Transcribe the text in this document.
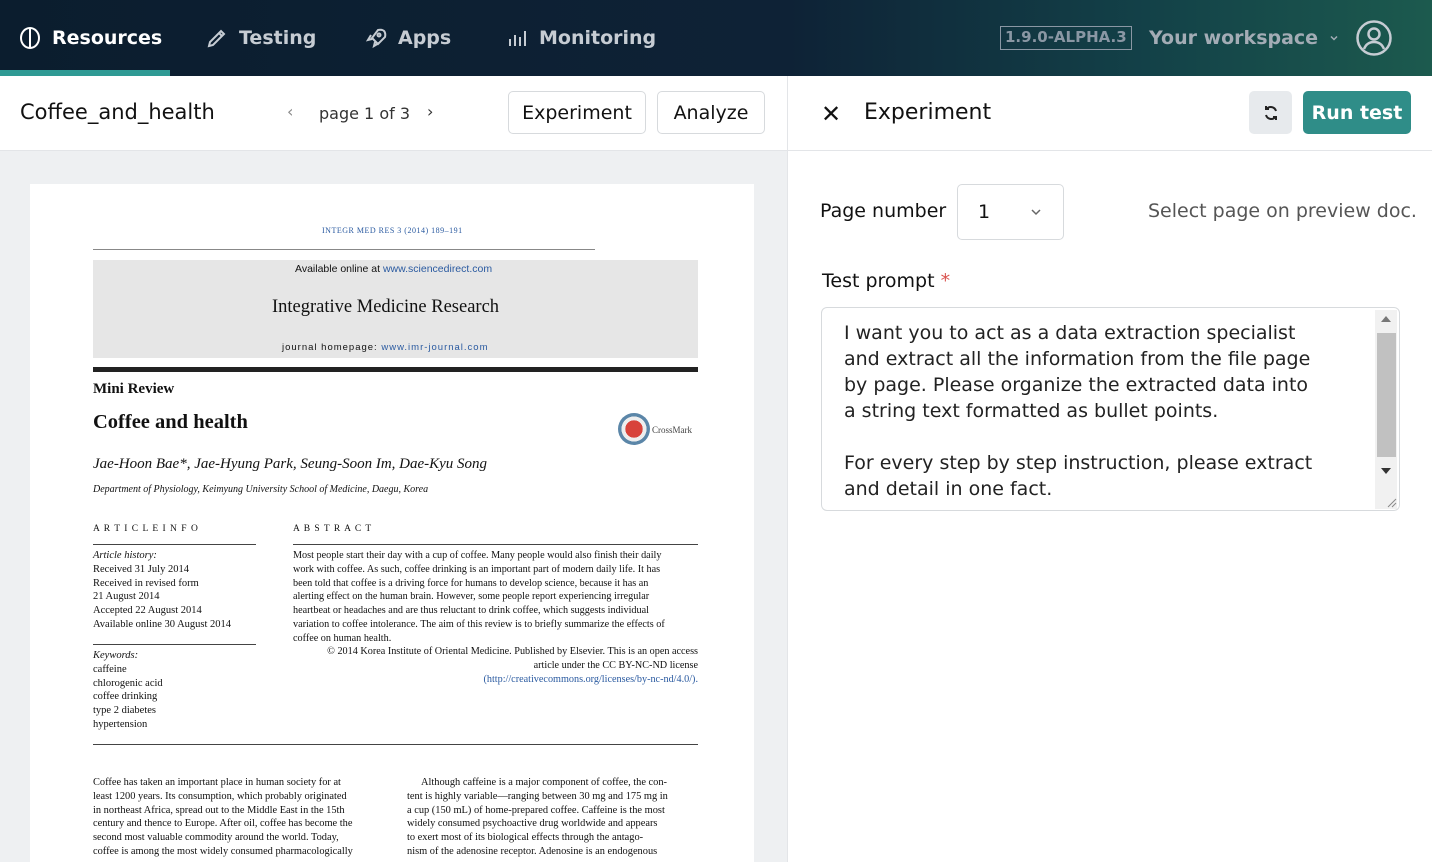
Resources	Testing	Apps	Monitoring	1.9.0-ALPHA.3 Your workspace
Coffee_and_health	‹ page 1 of 3 ›	Experiment	Analyze
INTEGR MED RES 3 (2014) 189–191
Available online at www.sciencedirect.com
Integrative Medicine Research
journal homepage: www.imr-journal.com
Mini Review
Coffee and health	CrossMark
Jae-Hoon Bae*, Jae-Hyung Park, Seung-Soon Im, Dae-Kyu Song
Department of Physiology, Keimyung University School of Medicine, Daegu, Korea
A R T I C L E I N F O	A B S T R A C T
Article history:
Received 31 July 2014
Received in revised form
21 August 2014
Accepted 22 August 2014
Available online 30 August 2014
Keywords:
caffeine
chlorogenic acid
coffee drinking
type 2 diabetes
hypertension
Most people start their day with a cup of coffee. Many people would also finish their daily
work with coffee. As such, coffee drinking is an important part of modern daily life. It has
been told that coffee is a driving force for humans to develop science, because it has an
alerting effect on the human brain. However, some people report experiencing irregular
heartbeat or headaches and are thus reluctant to drink coffee, which suggests individual
variation to coffee intolerance. The aim of this review is to briefly summarize the effects of
coffee on human health.
© 2014 Korea Institute of Oriental Medicine. Published by Elsevier. This is an open access
article under the CC BY-NC-ND license
(http://creativecommons.org/licenses/by-nc-nd/4.0/).
Coffee has taken an important place in human society for at
least 1200 years. Its consumption, which probably originated
in northeast Africa, spread out to the Middle East in the 15th
century and thence to Europe. After oil, coffee has become the
second most valuable commodity around the world. Today,
coffee is among the most widely consumed pharmacologically
Although caffeine is a major component of coffee, the con-
tent is highly variable—ranging between 30 mg and 175 mg in
a cup (150 mL) of home-prepared coffee. Caffeine is the most
widely consumed psychoactive drug worldwide and appears
to exert most of its biological effects through the antago-
nism of the adenosine receptor. Adenosine is an endogenous
✕ Experiment	Run test
Page number 1	Select page on preview doc.
Test prompt *
I want you to act as a data extraction specialist and extract all the information from the file page by page. Please organize the extracted data into a string text formatted as bullet points.

For every step by step instruction, please extract and detail in one fact.
